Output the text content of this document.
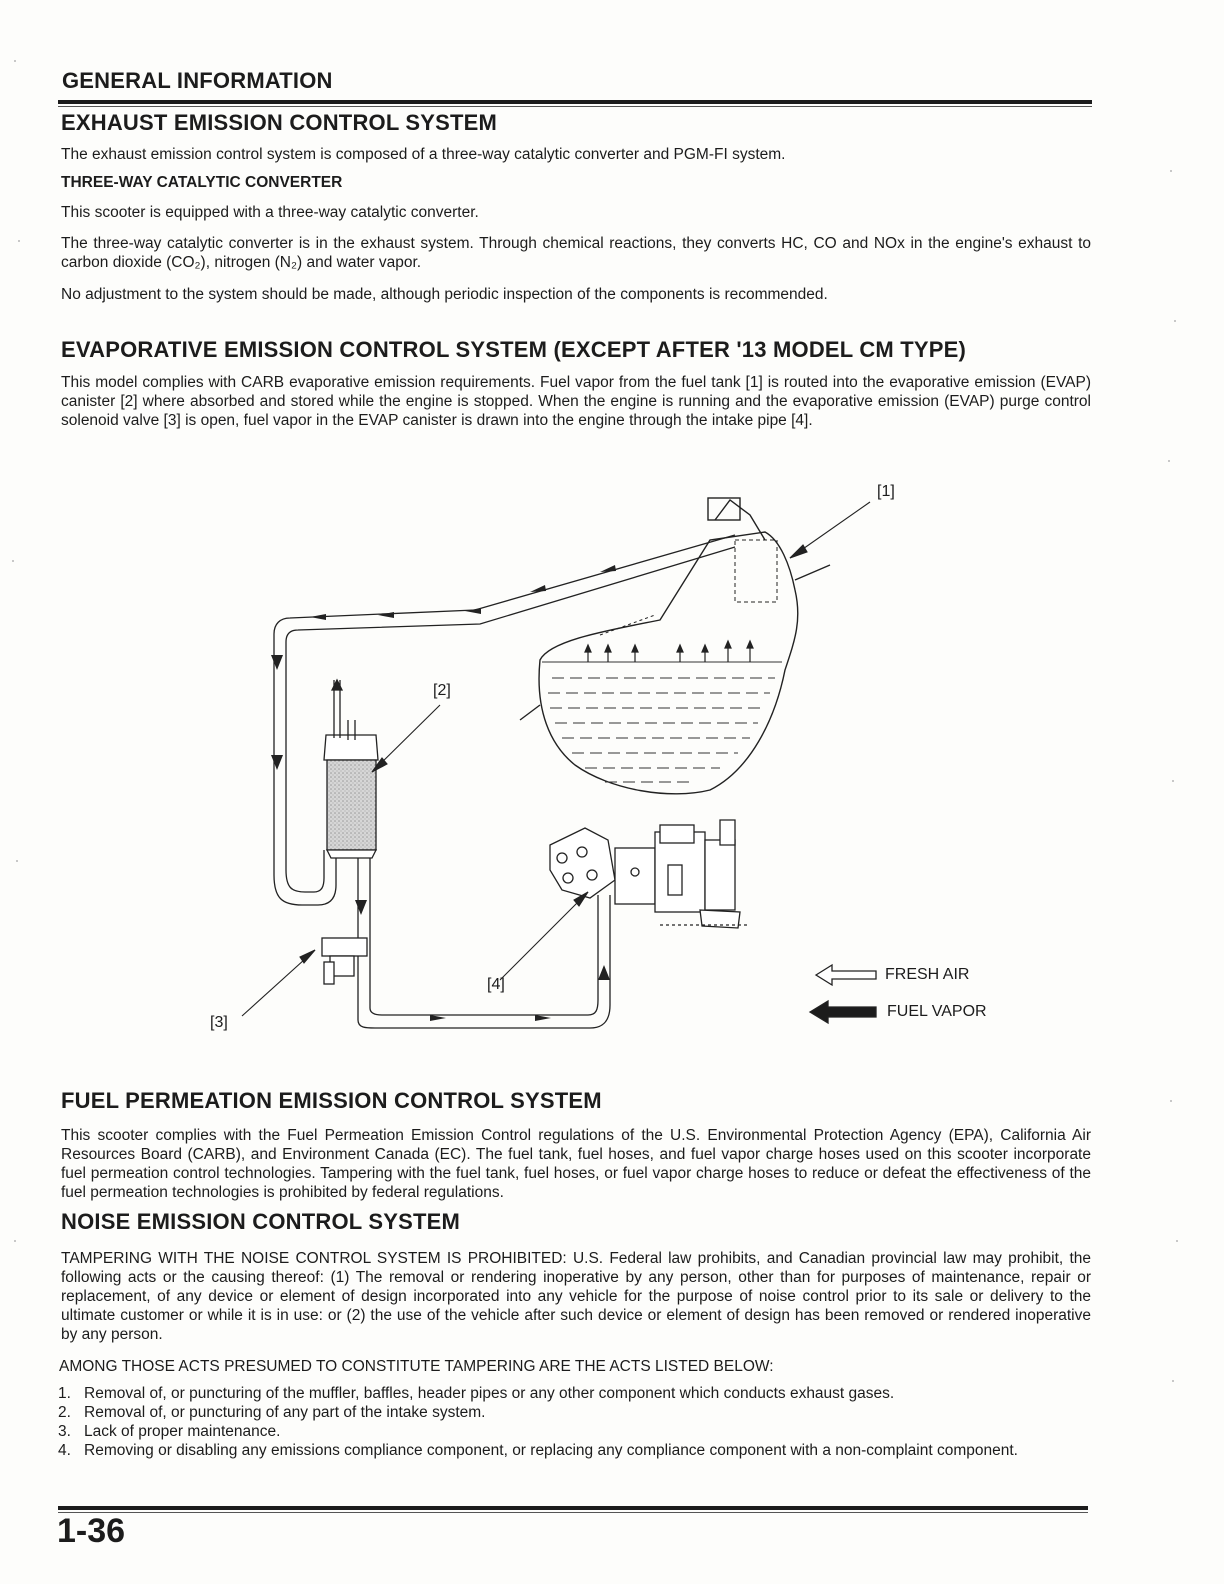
GENERAL INFORMATION
EXHAUST EMISSION CONTROL SYSTEM
The exhaust emission control system is composed of a three-way catalytic converter and PGM-FI system.
THREE-WAY CATALYTIC CONVERTER
This scooter is equipped with a three-way catalytic converter.
The three-way catalytic converter is in the exhaust system. Through chemical reactions, they converts HC, CO and NOx in the engine's exhaust to carbon dioxide (CO₂), nitrogen (N₂) and water vapor.
No adjustment to the system should be made, although periodic inspection of the components is recommended.
EVAPORATIVE EMISSION CONTROL SYSTEM (EXCEPT AFTER '13 MODEL CM TYPE)
This model complies with CARB evaporative emission requirements. Fuel vapor from the fuel tank [1] is routed into the evaporative emission (EVAP) canister [2] where absorbed and stored while the engine is stopped. When the engine is running and the evaporative emission (EVAP) purge control solenoid valve [3] is open, fuel vapor in the EVAP canister is drawn into the engine through the intake pipe [4].
[1]
[2]
[3]
[4]
FRESH AIR
FUEL VAPOR
FUEL PERMEATION EMISSION CONTROL SYSTEM
This scooter complies with the Fuel Permeation Emission Control regulations of the U.S. Environmental Protection Agency (EPA), California Air Resources Board (CARB), and Environment Canada (EC). The fuel tank, fuel hoses, and fuel vapor charge hoses used on this scooter incorporate fuel permeation control technologies. Tampering with the fuel tank, fuel hoses, or fuel vapor charge hoses to reduce or defeat the effectiveness of the fuel permeation technologies is prohibited by federal regulations.
NOISE EMISSION CONTROL SYSTEM
TAMPERING WITH THE NOISE CONTROL SYSTEM IS PROHIBITED: U.S. Federal law prohibits, and Canadian provincial law may prohibit, the following acts or the causing thereof: (1) The removal or rendering inoperative by any person, other than for purposes of maintenance, repair or replacement, of any device or element of design incorporated into any vehicle for the purpose of noise control prior to its sale or delivery to the ultimate customer or while it is in use: or (2) the use of the vehicle after such device or element of design has been removed or rendered inoperative by any person.
AMONG THOSE ACTS PRESUMED TO CONSTITUTE TAMPERING ARE THE ACTS LISTED BELOW:
1. Removal of, or puncturing of the muffler, baffles, header pipes or any other component which conducts exhaust gases.
2. Removal of, or puncturing of any part of the intake system.
3. Lack of proper maintenance.
4. Removing or disabling any emissions compliance component, or replacing any compliance component with a non-complaint component.
1-36
